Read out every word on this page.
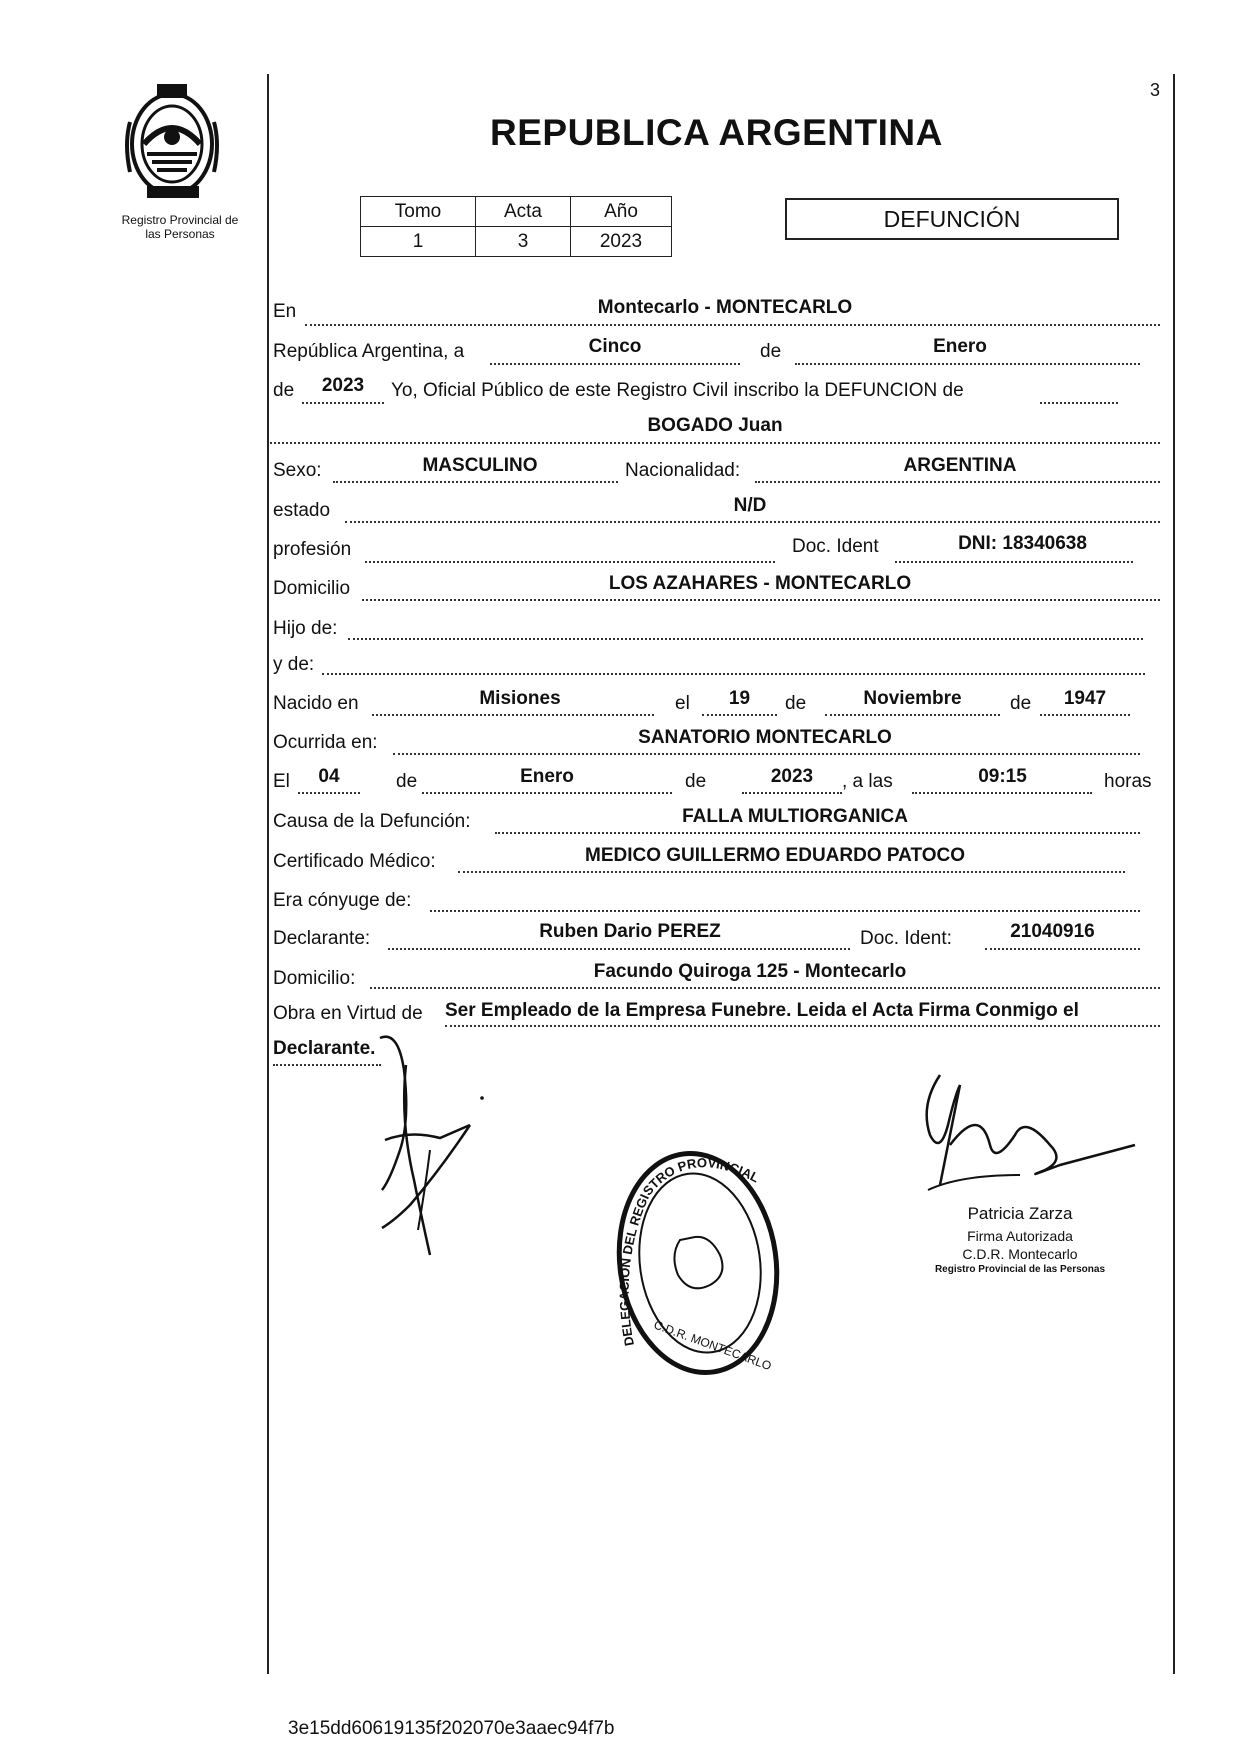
3
REPUBLICA ARGENTINA
Registro Provincial de
las Personas
Tomo	Acta	Año
1	3	2023
DEFUNCIÓN
En	Montecarlo - MONTECARLO
República Argentina, a	Cinco	de	Enero
de	2023	Yo, Oficial Público de este Registro Civil inscribo la DEFUNCION de
BOGADO Juan
Sexo:	MASCULINO	Nacionalidad:	ARGENTINA
estado	N/D
profesión	Doc. Ident	DNI: 18340638
Domicilio	LOS AZAHARES - MONTECARLO
Hijo de:
y de:
Nacido en	Misiones	el	19	de	Noviembre	de	1947
Ocurrida en:	SANATORIO MONTECARLO
El	04	de	Enero	de	2023	, a las	09:15	horas
Causa de la Defunción:	FALLA MULTIORGANICA
Certificado Médico:	MEDICO GUILLERMO EDUARDO PATOCO
Era cónyuge de:
Declarante:	Ruben Dario PEREZ	Doc. Ident:	21040916
Domicilio:	Facundo Quiroga 125 - Montecarlo
Obra en Virtud de Ser Empleado de la Empresa Funebre. Leida el Acta Firma Conmigo el
Declarante.
DELEGACION DEL REGISTRO PROVINCIAL
C.D.R. MONTECARLO
Patricia Zarza
Firma Autorizada
C.D.R. Montecarlo
Registro Provincial de las Personas
3e15dd60619135f202070e3aaec94f7b
